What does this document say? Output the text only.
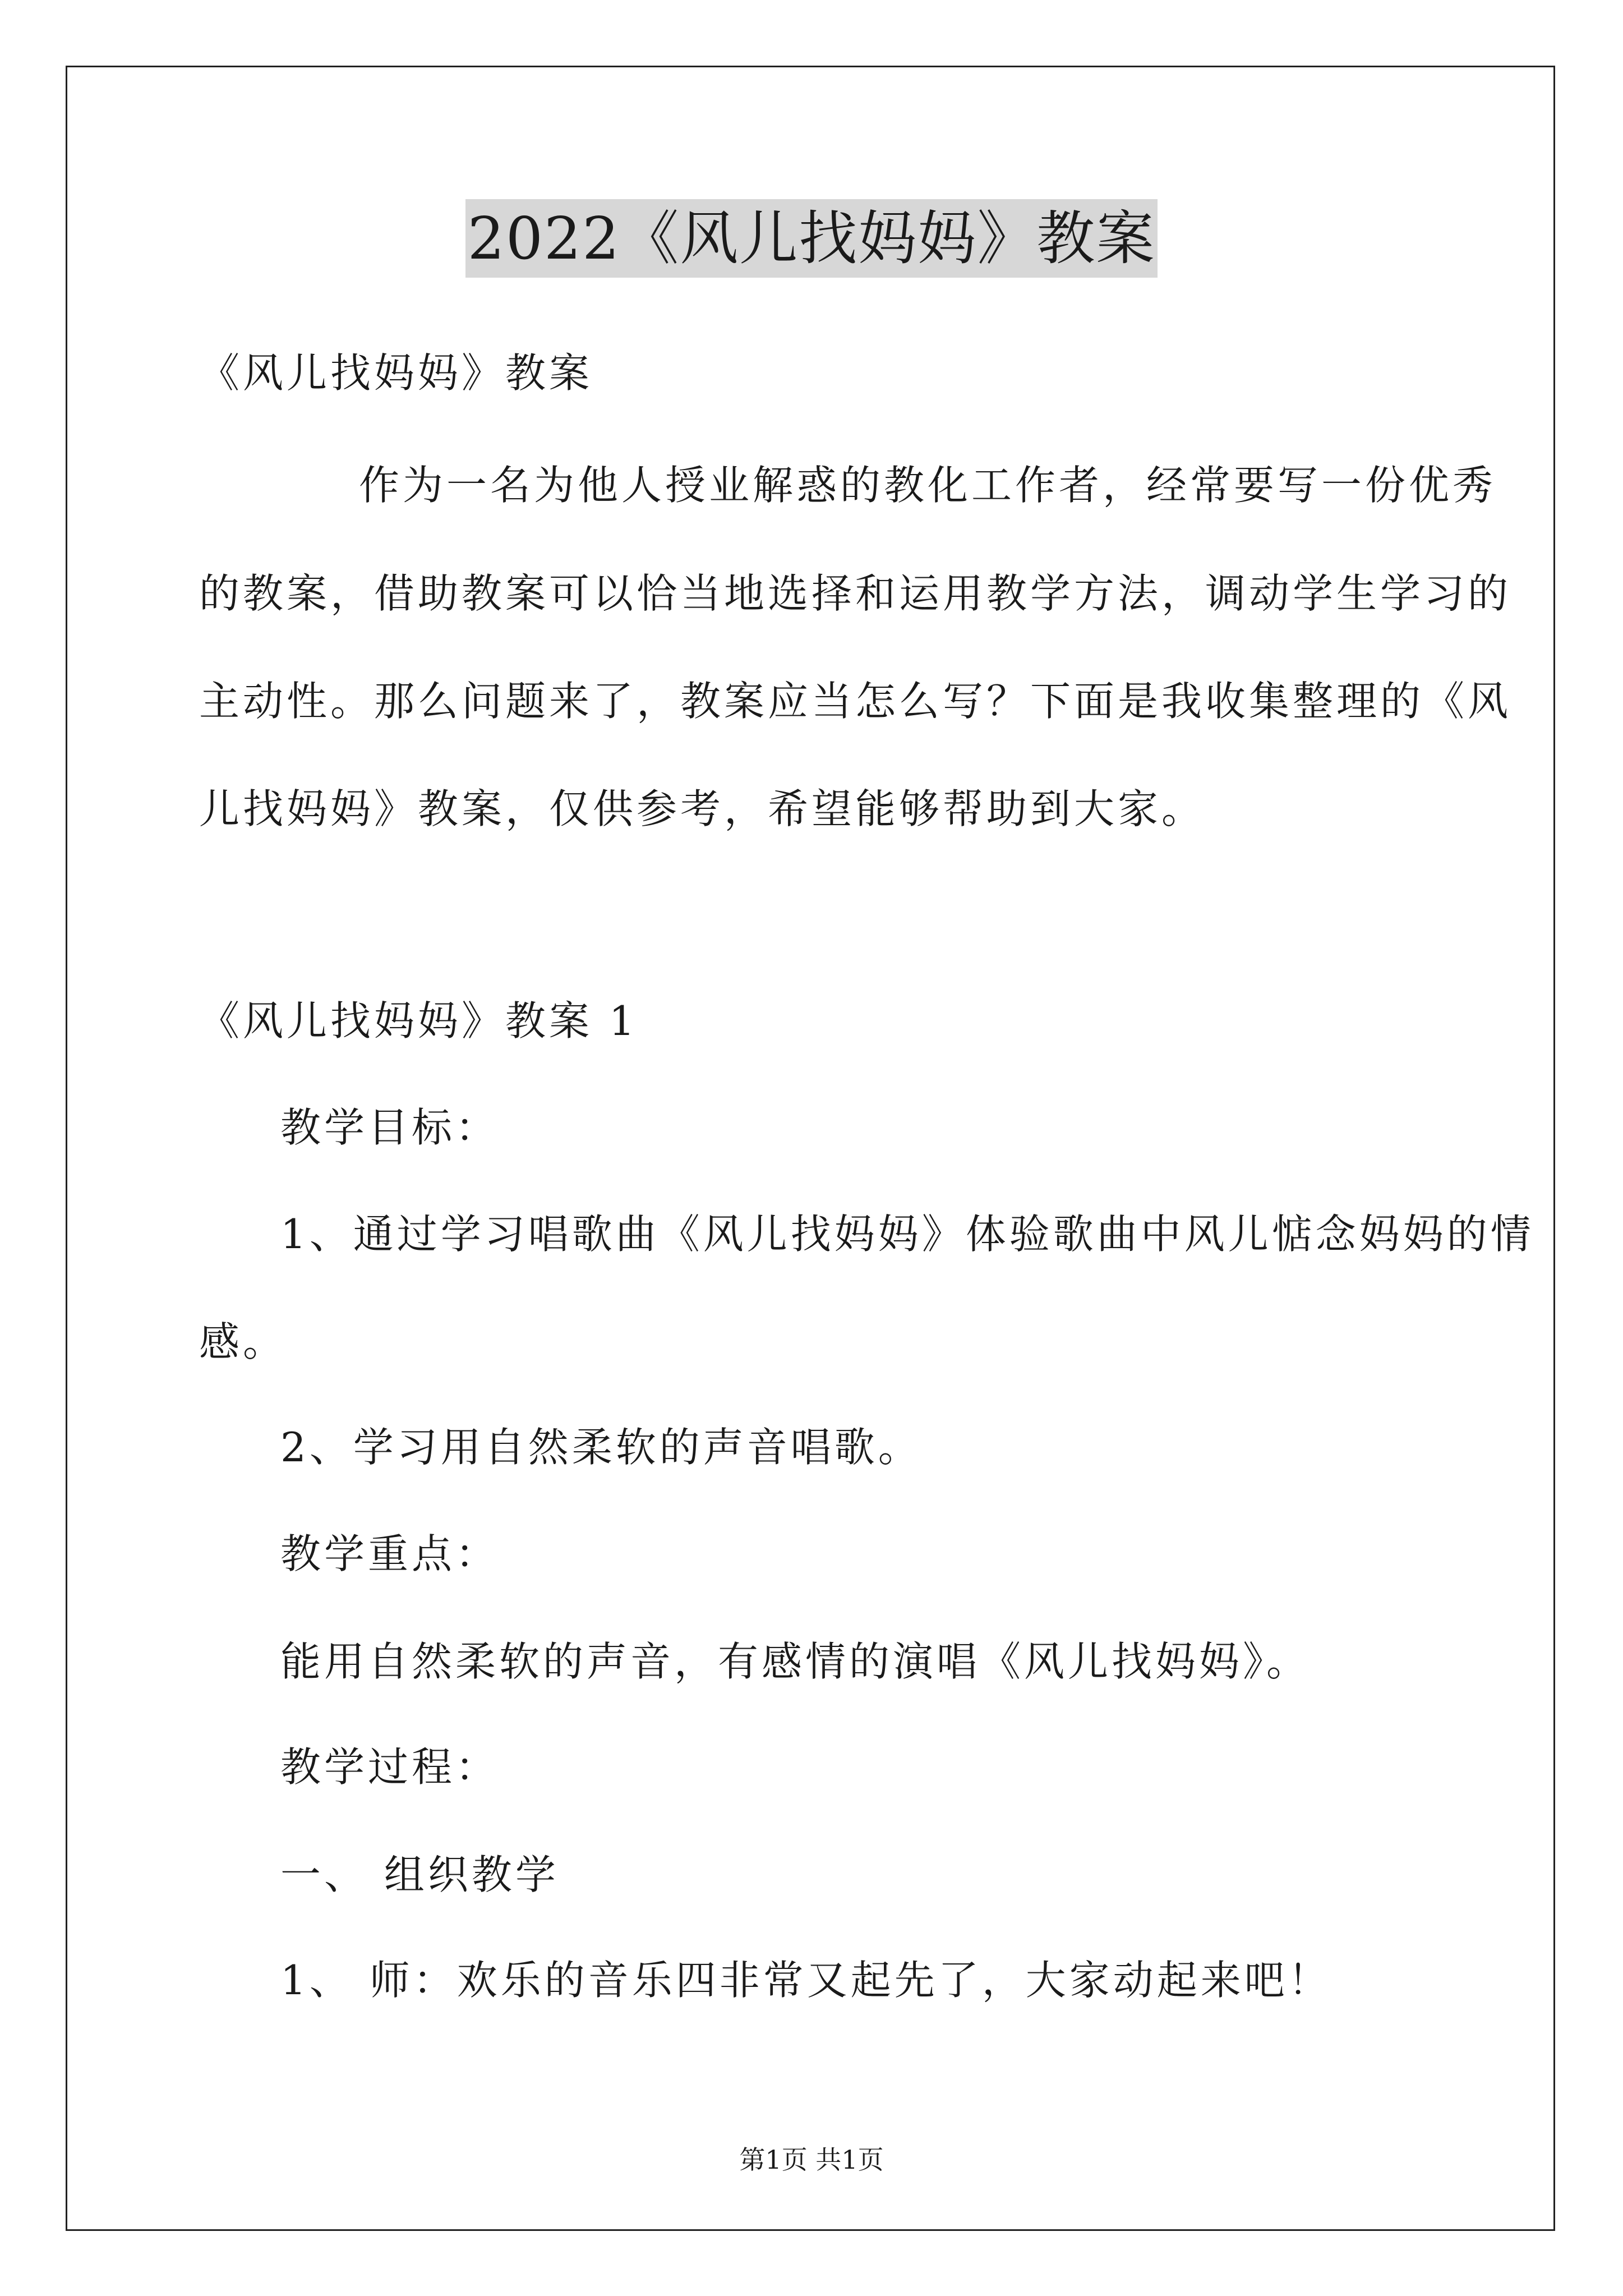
2022《风儿找妈妈》教案
《风儿找妈妈》教案
作为一名为他人授业解惑的教化工作者，经常要写一份优秀
的教案，借助教案可以恰当地选择和运用教学方法，调动学生学习的
主动性。那么问题来了，教案应当怎么写？下面是我收集整理的《风
儿找妈妈》教案，仅供参考，希望能够帮助到大家。
《风儿找妈妈》教案 1
教学目标：
1、通过学习唱歌曲《风儿找妈妈》体验歌曲中风儿惦念妈妈的情
感。
2、学习用自然柔软的声音唱歌。
教学重点：
能用自然柔软的声音，有感情的演唱《风儿找妈妈》。
教学过程：
一、 组织教学
1、 师：欢乐的音乐四非常又起先了，大家动起来吧！
第1页 共1页
